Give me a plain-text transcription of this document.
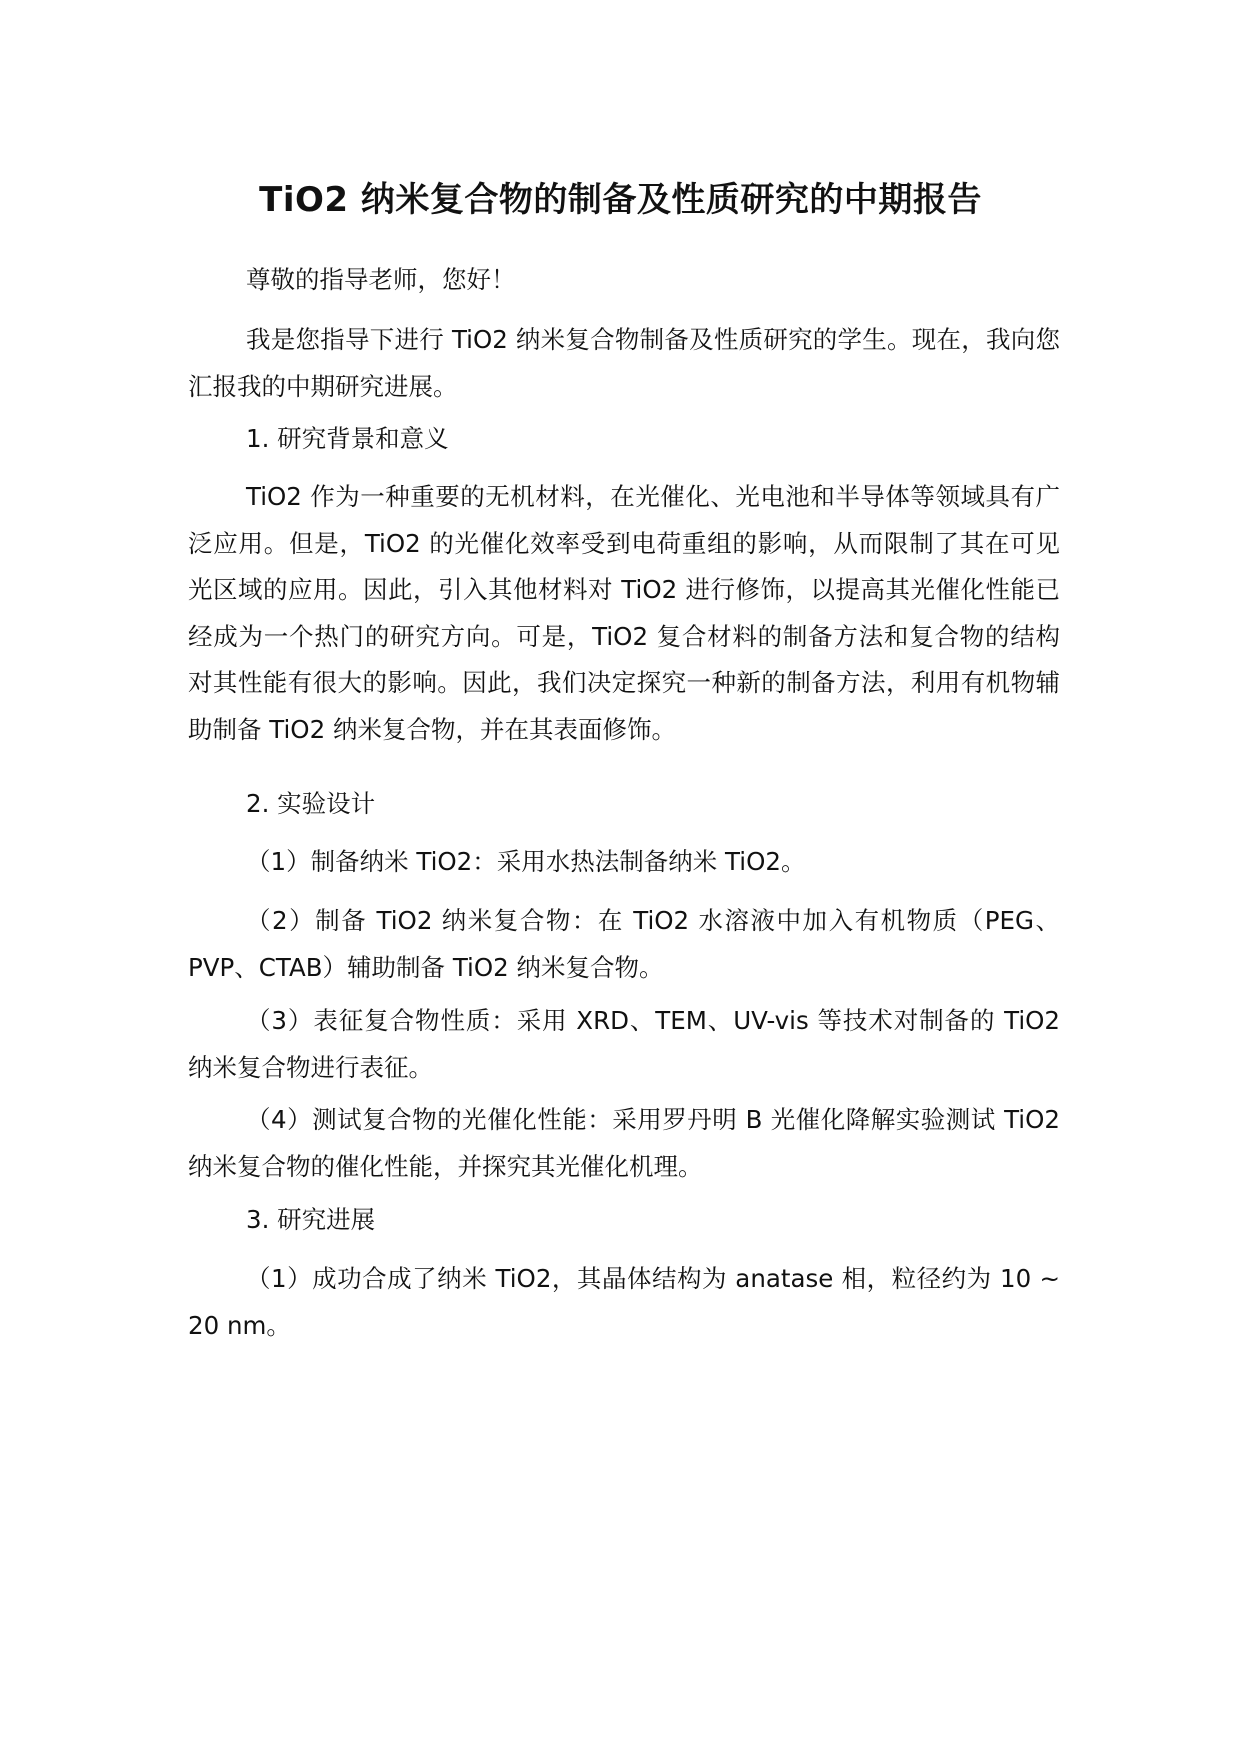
TiO2 纳米复合物的制备及性质研究的中期报告

尊敬的指导老师，您好！

我是您指导下进行 TiO2 纳米复合物制备及性质研究的学生。现在，我向您汇报我的中期研究进展。

1. 研究背景和意义

TiO2 作为一种重要的无机材料，在光催化、光电池和半导体等领域具有广泛应用。但是，TiO2 的光催化效率受到电荷重组的影响，从而限制了其在可见光区域的应用。因此，引入其他材料对 TiO2 进行修饰，以提高其光催化性能已经成为一个热门的研究方向。可是，TiO2 复合材料的制备方法和复合物的结构对其性能有很大的影响。因此，我们决定探究一种新的制备方法，利用有机物辅助制备 TiO2 纳米复合物，并在其表面修饰。

2. 实验设计

（1）制备纳米 TiO2：采用水热法制备纳米 TiO2。

（2）制备 TiO2 纳米复合物：在 TiO2 水溶液中加入有机物质（PEG、PVP、CTAB）辅助制备 TiO2 纳米复合物。

（3）表征复合物性质：采用 XRD、TEM、UV-vis 等技术对制备的 TiO2 纳米复合物进行表征。

（4）测试复合物的光催化性能：采用罗丹明 B 光催化降解实验测试 TiO2 纳米复合物的催化性能，并探究其光催化机理。

3. 研究进展

（1）成功合成了纳米 TiO2，其晶体结构为 anatase 相，粒径约为 10 ~ 20 nm。
